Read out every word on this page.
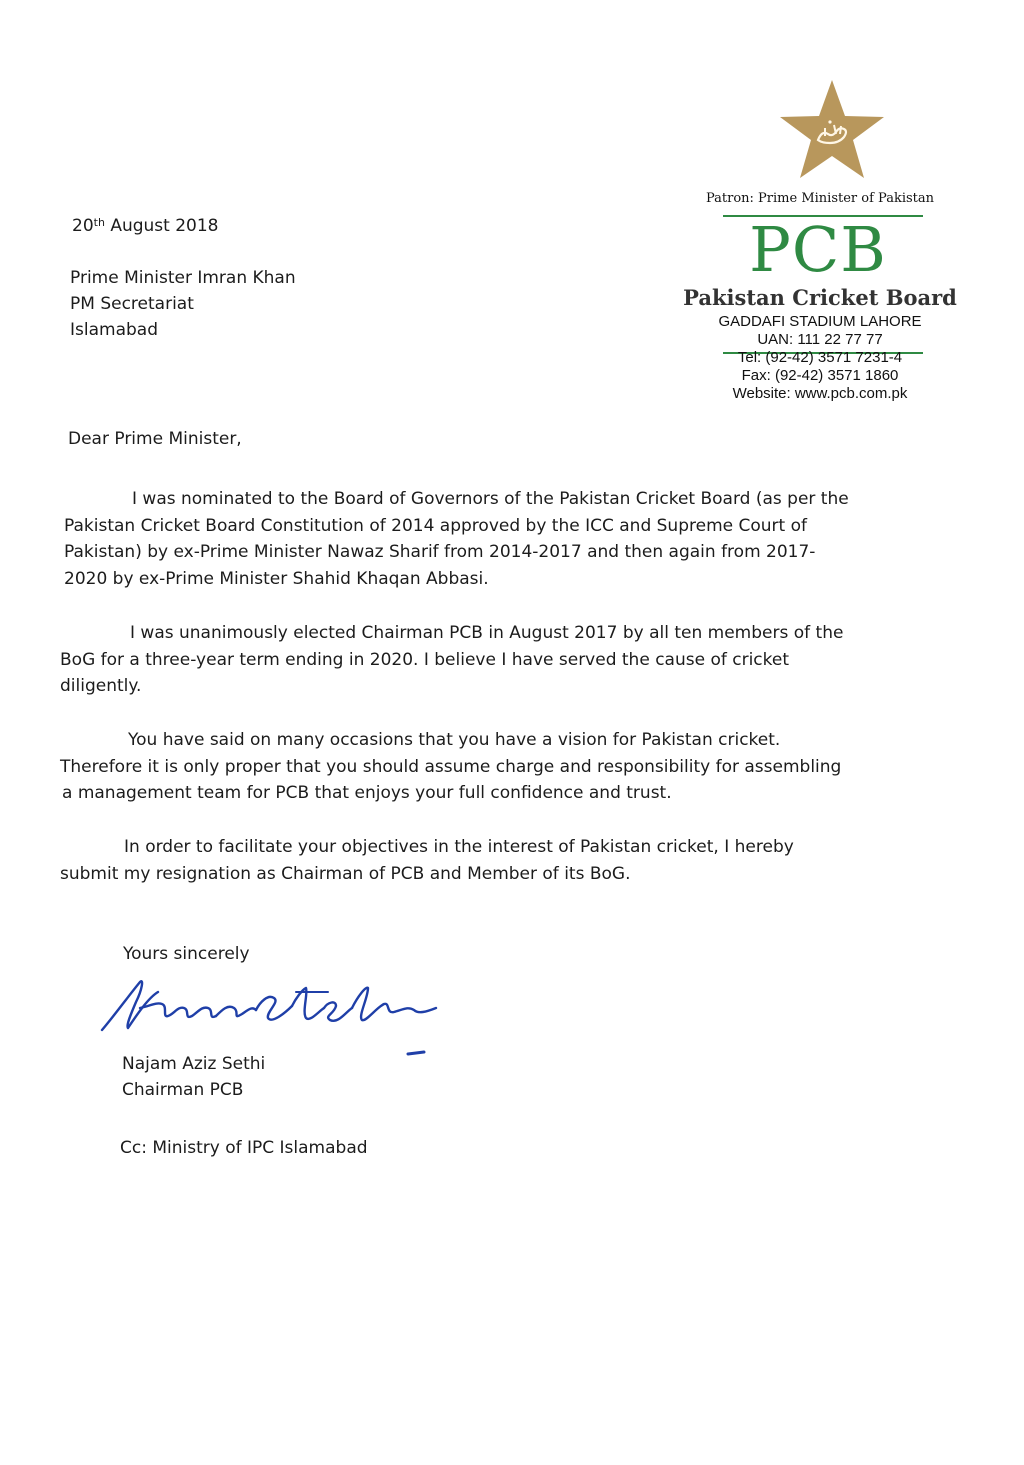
Patron: Prime Minister of Pakistan
PCB
Pakistan Cricket Board
GADDAFI STADIUM LAHORE
UAN: 111 22 77 77
Tel: (92-42) 3571 7231-4
Fax: (92-42) 3571 1860
Website: www.pcb.com.pk
20th August 2018
Prime Minister Imran Khan
PM Secretariat
Islamabad
Dear Prime Minister,
I was nominated to the Board of Governors of the Pakistan Cricket Board (as per the
Pakistan Cricket Board Constitution of 2014 approved by the ICC and Supreme Court of
Pakistan) by ex-Prime Minister Nawaz Sharif from 2014-2017 and then again from 2017-
2020 by ex-Prime Minister Shahid Khaqan Abbasi.
I was unanimously elected Chairman PCB in August 2017 by all ten members of the
BoG for a three-year term ending in 2020. I believe I have served the cause of cricket
diligently.
You have said on many occasions that you have a vision for Pakistan cricket.
Therefore it is only proper that you should assume charge and responsibility for assembling
a management team for PCB that enjoys your full confidence and trust.
In order to facilitate your objectives in the interest of Pakistan cricket, I hereby
submit my resignation as Chairman of PCB and Member of its BoG.
Yours sincerely
Najam Aziz Sethi
Chairman PCB
Cc: Ministry of IPC Islamabad
